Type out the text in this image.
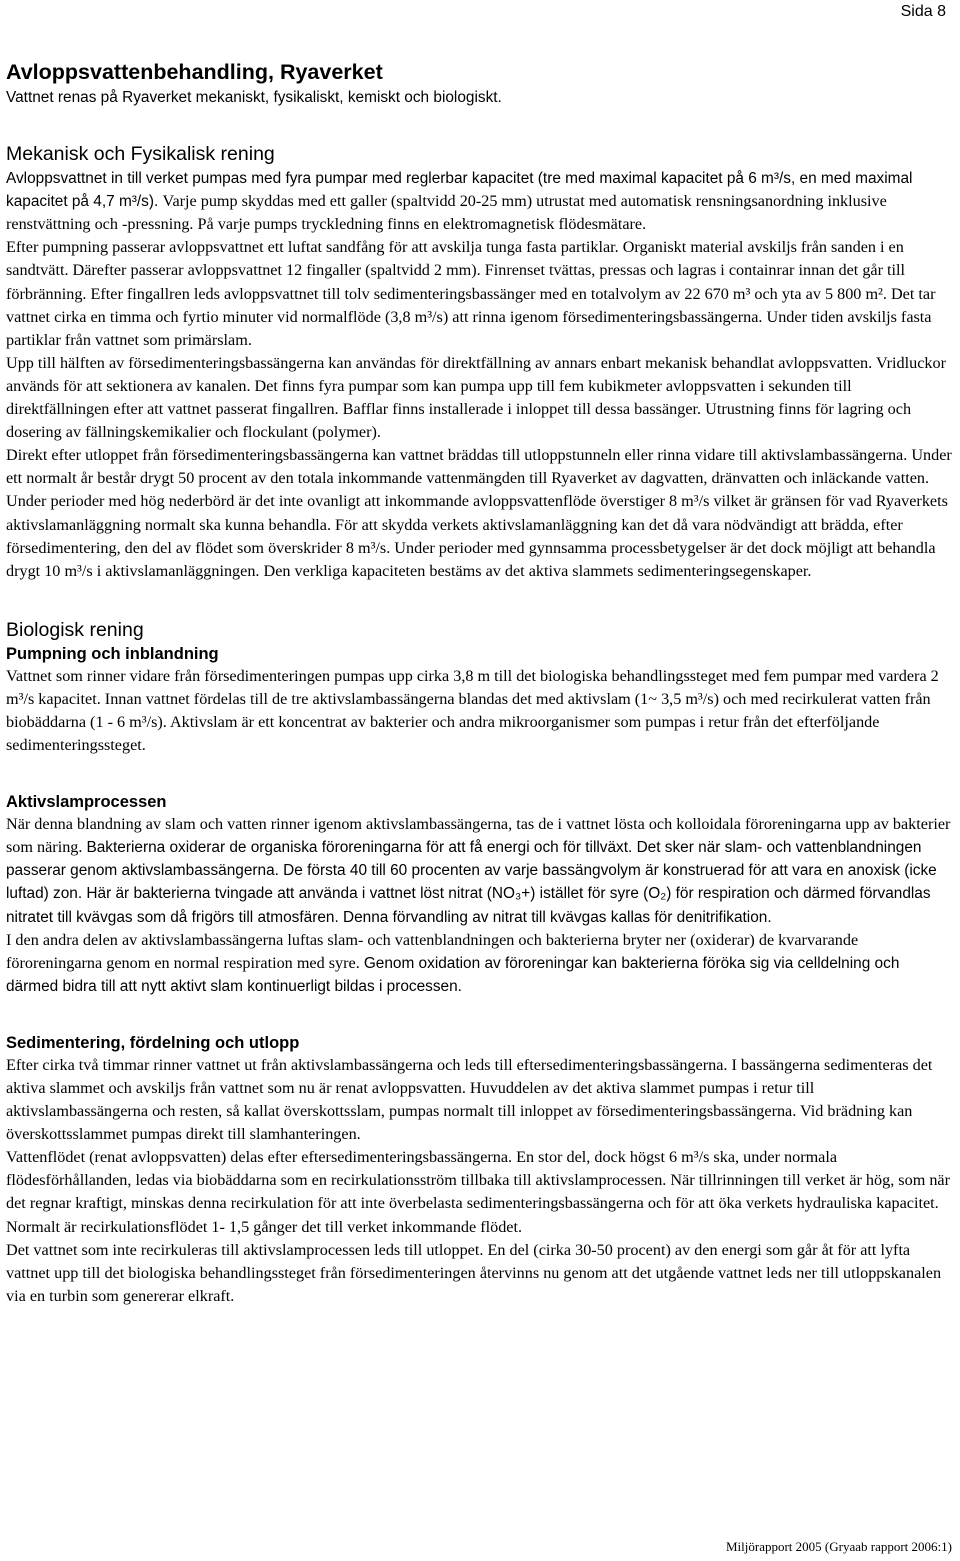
Sida 8
Avloppsvattenbehandling, Ryaverket
Vattnet renas på Ryaverket mekaniskt, fysikaliskt, kemiskt och biologiskt.
Mekanisk och Fysikalisk rening

Avloppsvattnet in till verket pumpas med fyra pumpar med reglerbar kapacitet (tre med maximal kapacitet på 6 m³/s, en med maximal kapacitet på 4,7 m³/s). Varje pump skyddas med ett galler (spaltvidd 20-25 mm) utrustat med automatisk rensningsanordning inklusive renstvättning och -pressning. På varje pumps tryckledning finns en elektromagnetisk flödesmätare.

Efter pumpning passerar avloppsvattnet ett luftat sandfång för att avskilja tunga fasta partiklar. Organiskt material avskiljs från sanden i en sandtvätt. Därefter passerar avloppsvattnet 12 fingaller (spaltvidd 2 mm). Finrenset tvättas, pressas och lagras i containrar innan det går till förbränning. Efter fingallren leds avloppsvattnet till tolv sedimenteringsbassänger med en totalvolym av 22 670 m³ och yta av 5 800 m². Det tar vattnet cirka en timma och fyrtio minuter vid normalflöde (3,8 m³/s) att rinna igenom försedimenteringsbassängerna. Under tiden avskiljs fasta partiklar från vattnet som primärslam.

Upp till hälften av försedimenteringsbassängerna kan användas för direktfällning av annars enbart mekanisk behandlat avloppsvatten. Vridluckor används för att sektionera av kanalen. Det finns fyra pumpar som kan pumpa upp till fem kubikmeter avloppsvatten i sekunden till direktfällningen efter att vattnet passerat fingallren. Bafflar finns installerade i inloppet till dessa bassänger. Utrustning finns för lagring och dosering av fällningskemikalier och flockulant (polymer).

Direkt efter utloppet från försedimenteringsbassängerna kan vattnet bräddas till utloppstunneln eller rinna vidare till aktivslambassängerna. Under ett normalt år består drygt 50 procent av den totala inkommande vattenmängden till Ryaverket av dagvatten, dränvatten och inläckande vatten. Under perioder med hög nederbörd är det inte ovanligt att inkommande avloppsvattenflöde överstiger 8 m³/s vilket är gränsen för vad Ryaverkets aktivslamanläggning normalt ska kunna behandla. För att skydda verkets aktivslamanläggning kan det då vara nödvändigt att brädda, efter försedimentering, den del av flödet som överskrider 8 m³/s. Under perioder med gynnsamma processbetygelser är det dock möjligt att behandla drygt 10 m³/s i aktivslamanläggningen. Den verkliga kapaciteten bestäms av det aktiva slammets sedimenteringsegenskaper.

Biologisk rening
Pumpning och inblandning

Vattnet som rinner vidare från försedimenteringen pumpas upp cirka 3,8 m till det biologiska behandlingssteget med fem pumpar med vardera 2 m³/s kapacitet. Innan vattnet fördelas till de tre aktivslambassängerna blandas det med aktivslam (1~ 3,5 m³/s) och med recirkulerat vatten från biobäddarna (1 - 6 m³/s). Aktivslam är ett koncentrat av bakterier och andra mikroorganismer som pumpas i retur från det efterföljande sedimenteringssteget.

Aktivslamprocessen

När denna blandning av slam och vatten rinner igenom aktivslambassängerna, tas de i vattnet lösta och kolloidala föroreningarna upp av bakterier som näring. Bakterierna oxiderar de organiska föroreningarna för att få energi och för tillväxt. Det sker när slam- och vattenblandningen passerar genom aktivslambassängerna. De första 40 till 60 procenten av varje bassängvolym är konstruerad för att vara en anoxisk (icke luftad) zon. Här är bakterierna tvingade att använda i vattnet löst nitrat (NO₃+) istället för syre (O₂) för respiration och därmed förvandlas nitratet till kvävgas som då frigörs till atmosfären. Denna förvandling av nitrat till kvävgas kallas för denitrifikation.

I den andra delen av aktivslambassängerna luftas slam- och vattenblandningen och bakterierna bryter ner (oxiderar) de kvarvarande föroreningarna genom en normal respiration med syre. Genom oxidation av föroreningar kan bakterierna föröka sig via celldelning och därmed bidra till att nytt aktivt slam kontinuerligt bildas i processen.

Sedimentering, fördelning och utlopp

Efter cirka två timmar rinner vattnet ut från aktivslambassängerna och leds till eftersedimenteringsbassängerna. I bassängerna sedimenteras det aktiva slammet och avskiljs från vattnet som nu är renat avloppsvatten. Huvuddelen av det aktiva slammet pumpas i retur till aktivslambassängerna och resten, så kallat överskottsslam, pumpas normalt till inloppet av försedimenteringsbassängerna. Vid brädning kan överskottsslammet pumpas direkt till slamhanteringen.

Vattenflödet (renat avloppsvatten) delas efter eftersedimenteringsbassängerna. En stor del, dock högst 6 m³/s ska, under normala flödesförhållanden, ledas via biobäddarna som en recirkulationsström tillbaka till aktivslamprocessen. När tillrinningen till verket är hög, som när det regnar kraftigt, minskas denna recirkulation för att inte överbelasta sedimenteringsbassängerna och för att öka verkets hydrauliska kapacitet. Normalt är recirkulationsflödet 1- 1,5 gånger det till verket inkommande flödet.

Det vattnet som inte recirkuleras till aktivslamprocessen leds till utloppet. En del (cirka 30-50 procent) av den energi som går åt för att lyfta vattnet upp till det biologiska behandlingssteget från försedimenteringen återvinns nu genom att det utgående vattnet leds ner till utloppskanalen via en turbin som genererar elkraft.

Miljörapport 2005 (Gryaab rapport 2006:1)
